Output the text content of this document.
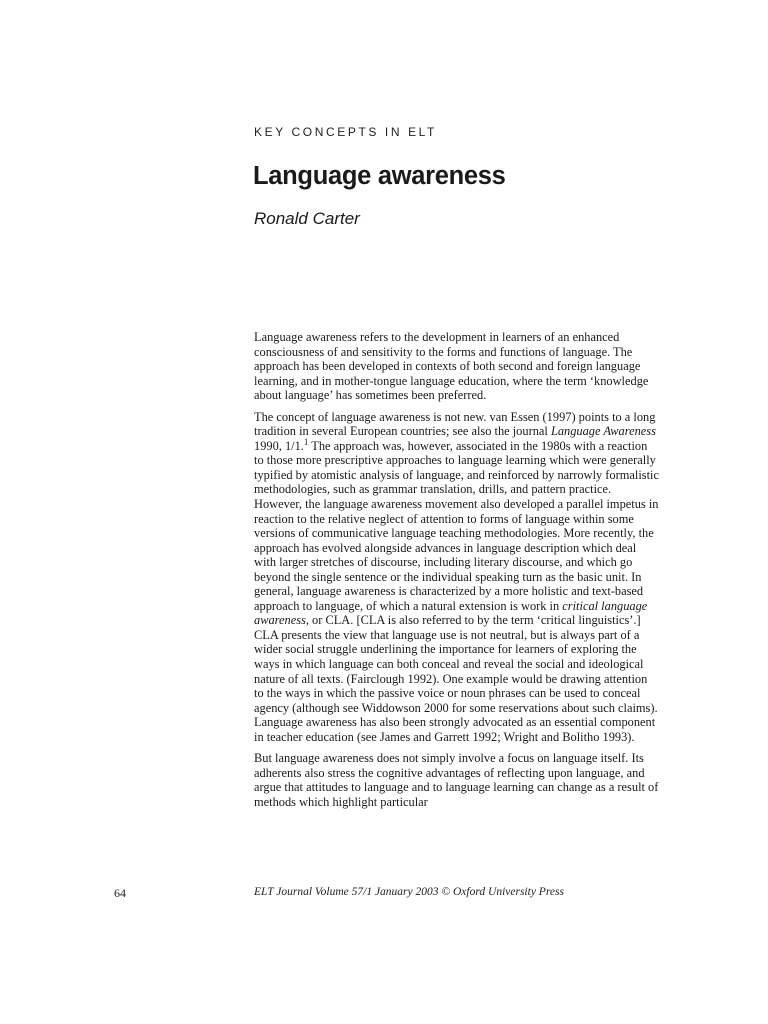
KEY CONCEPTS IN ELT
Language awareness
Ronald Carter

Language awareness refers to the development in learners of an enhanced consciousness of and sensitivity to the forms and functions of language. The approach has been developed in contexts of both second and foreign language learning, and in mother-tongue language education, where the term ‘knowledge about language’ has sometimes been preferred.

The concept of language awareness is not new. van Essen (1997) points to a long tradition in several European countries; see also the journal Language Awareness 1990, 1/1.$^1$ The approach was, however, associated in the 1980s with a reaction to those more prescriptive approaches to language learning which were generally typified by atomistic analysis of language, and reinforced by narrowly formalistic methodologies, such as grammar translation, drills, and pattern practice. However, the language awareness movement also developed a parallel impetus in reaction to the relative neglect of attention to forms of language within some versions of communicative language teaching methodologies. More recently, the approach has evolved alongside advances in language description which deal with larger stretches of discourse, including literary discourse, and which go beyond the single sentence or the individual speaking turn as the basic unit. In general, language awareness is characterized by a more holistic and text-based approach to language, of which a natural extension is work in critical language awareness, or CLA. [CLA is also referred to by the term ‘critical linguistics’.] CLA presents the view that language use is not neutral, but is always part of a wider social struggle underlining the importance for learners of exploring the ways in which language can both conceal and reveal the social and ideological nature of all texts. (Fairclough 1992). One example would be drawing attention to the ways in which the passive voice or noun phrases can be used to conceal agency (although see Widdowson 2000 for some reservations about such claims). Language awareness has also been strongly advocated as an essential component in teacher education (see James and Garrett 1992; Wright and Bolitho 1993).

But language awareness does not simply involve a focus on language itself. Its adherents also stress the cognitive advantages of reflecting upon language, and argue that attitudes to language and to language learning can change as a result of methods which highlight particular

64	ELT Journal Volume 57/1 January 2003 © Oxford University Press
